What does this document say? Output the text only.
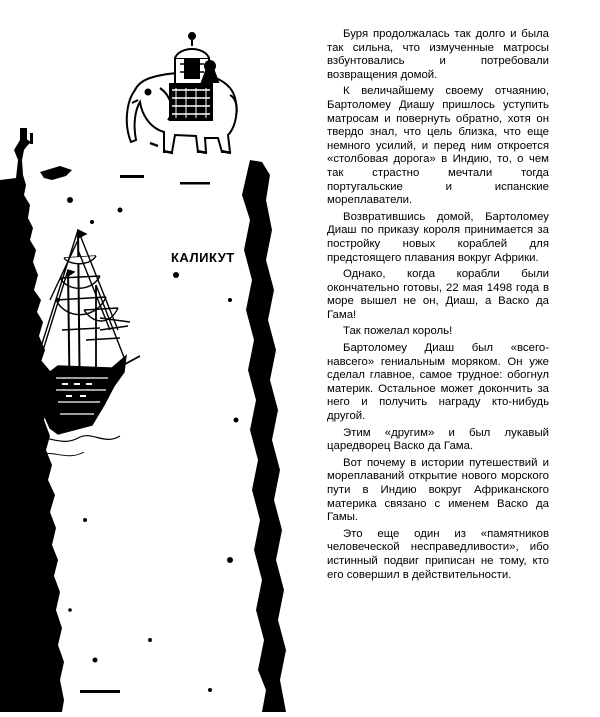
КАЛИКУТ

Буря продолжалась так долго и была так сильна, что измученные матросы взбунтовались и потребовали возвращения домой.

К величайшему своему отчаянию, Бартоломеу Диашу пришлось уступить матросам и повернуть обратно, хотя он твердо знал, что цель близка, что еще немного усилий, и перед ним откроется «столбовая дорога» в Индию, то, о чем так страстно мечтали тогда португальские и испанские мореплаватели.

Возвратившись домой, Бартоломеу Диаш по приказу короля принимается за постройку новых кораблей для предстоящего плавания вокруг Африки.

Однако, когда корабли были окончательно готовы, 22 мая 1498 года в море вышел не он, Диаш, а Васко да Гама!

Так пожелал король!

Бартоломеу Диаш был «всего-навсего» гениальным моряком. Он уже сделал главное, самое трудное: обогнул материк. Остальное может докончить за него и получить награду кто-нибудь другой.

Этим «другим» и был лукавый царедворец Васко да Гама.

Вот почему в истории путешествий и мореплаваний открытие нового морского пути в Индию вокруг Африканского материка связано с именем Васко да Гамы.

Это еще один из «памятников человеческой несправедливости», ибо истинный подвиг приписан не тому, кто его совершил в действительности.
